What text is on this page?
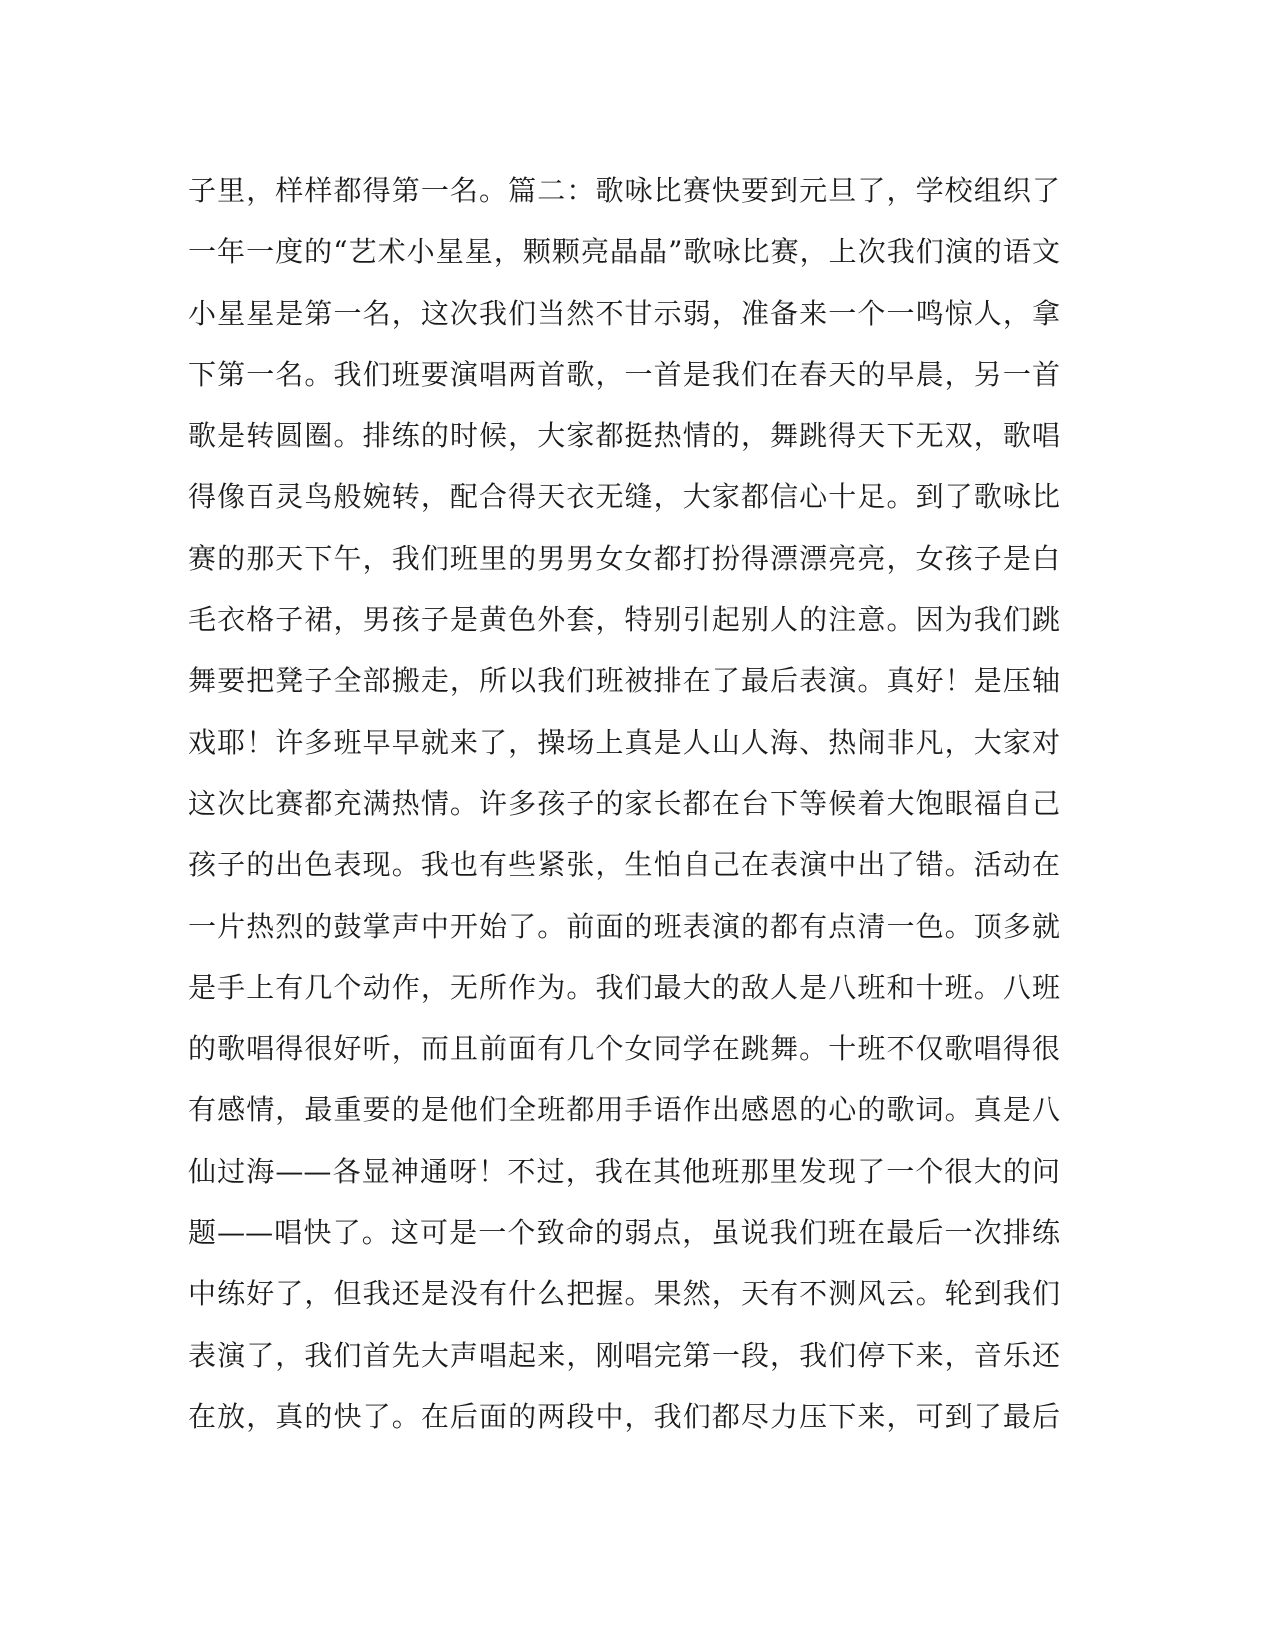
子里，样样都得第一名。篇二：歌咏比赛快要到元旦了，学校组织了
一年一度的“艺术小星星，颗颗亮晶晶”歌咏比赛，上次我们演的语文
小星星是第一名，这次我们当然不甘示弱，准备来一个一鸣惊人，拿
下第一名。我们班要演唱两首歌，一首是我们在春天的早晨，另一首
歌是转圆圈。排练的时候，大家都挺热情的，舞跳得天下无双，歌唱
得像百灵鸟般婉转，配合得天衣无缝，大家都信心十足。到了歌咏比
赛的那天下午，我们班里的男男女女都打扮得漂漂亮亮，女孩子是白
毛衣格子裙，男孩子是黄色外套，特别引起别人的注意。因为我们跳
舞要把凳子全部搬走，所以我们班被排在了最后表演。真好！是压轴
戏耶！许多班早早就来了，操场上真是人山人海、热闹非凡，大家对
这次比赛都充满热情。许多孩子的家长都在台下等候着大饱眼福自己
孩子的出色表现。我也有些紧张，生怕自己在表演中出了错。活动在
一片热烈的鼓掌声中开始了。前面的班表演的都有点清一色。顶多就
是手上有几个动作，无所作为。我们最大的敌人是八班和十班。八班
的歌唱得很好听，而且前面有几个女同学在跳舞。十班不仅歌唱得很
有感情，最重要的是他们全班都用手语作出感恩的心的歌词。真是八
仙过海——各显神通呀！不过，我在其他班那里发现了一个很大的问
题——唱快了。这可是一个致命的弱点，虽说我们班在最后一次排练
中练好了，但我还是没有什么把握。果然，天有不测风云。轮到我们
表演了，我们首先大声唱起来，刚唱完第一段，我们停下来，音乐还
在放，真的快了。在后面的两段中，我们都尽力压下来，可到了最后
